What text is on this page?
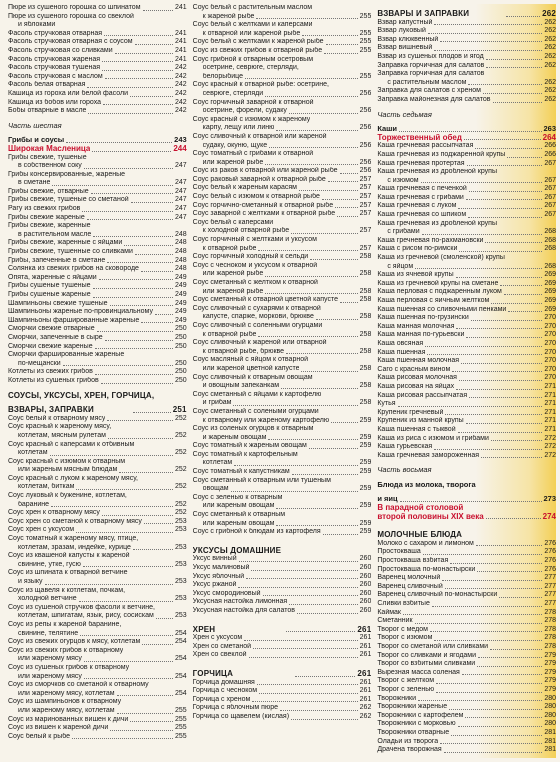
Пюре из сушеного горошка со шпинатом	241
Пюре из сушеного горошка со свеклой
и яблоками
Фасоль стручковая отварная	241
Фасоль стручковая отварная с соусом	241
Фасоль стручковая со сливками	241
Фасоль стручковая жареная	241
Фасоль стручковая тушеная	242
Фасоль стручковая с маслом	242
Фасоль белая отварная	242
Кашица из гороха или белой фасоли	242
Кашица из бобов или гороха	242
Бобы отварные в масле	242
Часть шестая
Грибы и соусы	243
Широкая Масленица	244
Грибы свежие, тушеные
в собственном соку	247
Грибы консервированные, жареные
в сметане	247
Грибы свежие, отварные	247
Грибы свежие, тушеные со сметаной	247
Рагу из свежих грибов	247
Грибы свежие жареные	247
Грибы свежие, жаренные
в растительном масле	248
Грибы свежие, жаренные с яйцами	248
Грибы свежие, тушенные со сливками	248
Грибы, запеченные в сметане	248
Солянка из свежих грибов на сковороде	248
Опята, жаренные с яйцами	249
Грибы сушеные тушеные	249
Грибы сушеные жареные	249
Шампиньоны свежие тушеные	249
Шампиньоны жареные по-провинциальному	249
Шампиньоны фаршированные жареные	249
Сморчки свежие отварные	250
Сморчки, запеченные в сыре	250
Сморчки свежие жареные	250
Сморчки фаршированные жареные
по-мещански	250
Котлеты из свежих грибов	250
Котлеты из сушеных грибов	250
СОУСЫ, УКСУСЫ, ХРЕН, ГОРЧИЦА,
ВЗВАРЫ, ЗАПРАВКИ	251
Соус белый к отварному мясу	252
Соус красный к жареному мясу,
котлетам, мясным рулетам	252
Соус красный с каперсами к отбивным
котлетам	252
Соус красный с изюмом к отварным
или жареным мясным блюдам	252
Соус красный с луком к жареному мясу,
котлетам, биткам	252
Соус луковый к буженине, котлетам,
баранине	252
Соус хрен к отварному мясу	252
Соус хрен со сметаной к отварному мясу	253
Соус хрен с уксусом	253
Соус томатный к жареному мясу, птице,
котлетам, зразам, индейке, курице	253
Соус из квашеной капусты к жареной
свинине, утке, гусю	253
Соус из шпината к отварной ветчине
и языку	253
Соус из щавеля к котлетам, почкам,
холодной ветчине	253
Соус из сушеной стручков фасоли к ветчине,
котлетам, шпигатам, язык, рису, сосискам	253
Соус из репы к жареной баранине,
свинине, телятине	254
Соус из свежих огурцов к мясу, котлетам	254
Соус из свежих грибов к отварному
или жареному мясу	254
Соус из сушеных грибов к отварному
или жареному мясу	254
Соус из сморчков со сметаной к отварному
или жареному мясу, котлетам	254
Соус из шампиньонов к отварному
или жареному мясу, котлетам	255
Соус из маринованных вишен к дичи	255
Соус из вишен к жареной дичи	255
Соус белый к рыбе	255
Соус белый с растительным маслом
к жареной рыбе	255
Соус белый с желтками и каперсами
к отварной или жареной рыбе	255
Соус белый с желтками к жареной рыбе	255
Соус из свежих грибов к отварной рыбе	255
Соус грибной к отварным осетровым
осетрине, севрюге, стерляди,
белорыбице	255
Соус красный к отварной рыбе: осетрине,
севрюге, стерляди	256
Соус горчичный заварной к отварной
осетрине, форели, судаку	256
Соус красный с изюмом к жареному
карпу, лещу или линю	256
Соус сливочный к отварной или жареной
судаку, окуню, щуке	256
Соус томатный с грибами к отварной
или жареной рыбе	256
Соус из раков к отварной или жареной рыбе	256
Соус раковый заварной к отварной рыбе	257
Соус белый к жареным карасям	257
Соус белый с изюмом к отварной рыбе	257
Соус горчично-сметанный к отварной рыбе	257
Соус заварной с желтками к отварной рыбе	257
Соус белый с каперсами
к холодной отварной рыбе	257
Соус горчичный с желтками и уксусом
к отварной рыбе	257
Соус горчичный холодный к сельди	258
Соус с чесноком и уксусом к отварной
или жареной рыбе	258
Соус сметанный с желтком к отварной
или жареной рыбе	258
Соус сметанный к отварной цветной капусте	258
Соус сливочный с сухарями к отварной
капусте, спарже, моркови, брюкве	258
Соус сливочный с соленными огурцами
к отварной рыбе	258
Соус сливочный к жареной или отварной
к отварной рыбе, брюкве	258
Соус масляный с яйцом к отварной
или жареной цветной капусте	258
Соус сливочный к отварным овощам
и овощным запеканкам	258
Соус сметанный с яйцами к картофелю
и грибам	258
Соус сметанный с солеными огурцами
к отварному или жареному картофелю	259
Соус из соленых огурцов к отварным
и жареным овощам	259
Соус томатный к жареным овощам	259
Соус томатный к картофельным
котлетам	259
Соус томатный к капустникам	259
Соус сметанный к отварным или тушеным
овощам	259
Соус с зеленью к отварным
или жареным овощам	259
Соус сметанный к отварным
или жареным овощам	259
Соус с грибной к блюдам из картофеля	259
УКСУСЫ ДОМАШНИЕ
Уксус винный	260
Уксус малиновый	260
Уксус яблочный	260
Уксус ржаной	260
Уксус смородиновый	260
Уксусная настойка лимонная	260
Уксусная настойка для салатов	260
ХРЕН	261
Хрен с уксусом	261
Хрен со сметаной	261
Хрен со свеклой	261
ГОРЧИЦА	261
Горчица домашняя	261
Горчица с чесноком	261
Горчица с хреном	261
Горчица с яблочным пюре	262
Горчица со щавелем (кислая)	262
ВЗВАРЫ И ЗАПРАВКИ	262
Взвар капустный	262
Взвар луковый	262
Взвар клюквенный	262
Взвар вишневый	262
Взвар из сушеных плодов и ягод	262
Заправка горчичная для салатов	262
Заправка горчичная для салатов
с растительным маслом	262
Заправка для салатов с хреном	262
Заправка майонезная для салатов	262
Часть седьмая
Каши	263
Торжественный обед	264
Каша гречневая рассыпчатая	266
Каша гречневая из поджаренной крупы	266
Каша гречневая протертая	267
Каша гречневая из дробленой крупы
с изюмом	267
Каша гречневая с печенкой	267
Каша гречневая с грибами	267
Каша гречневая с луком	267
Каша гречневая со шпиком	267
Каша гречневая из дробленой крупы
с грибами	268
Каша гречневая по-рахмановски	268
Каша с рисом по-римски	268
Каша из гречневой (смоленской) крупы
с яйцом	268
Каша из ячневой крупы	269
Каша из гречневой крупы на сметане	269
Каша перловая с поджаренным луком	269
Каша перловая с яичным желтком	269
Каша пшенная со сливочными пенками	269
Каша пшенная по-грузински	270
Каша манная молочная	270
Каша манная по-гурьевски	270
Каша овсяная	270
Каша пшенная	270
Каша пшенная молочная	270
Саго с красным вином	270
Каша рисовая молочная	270
Каша рисовая на яйцах	271
Каша рисовая рассыпчатая	271
Кутья	271
Крупеник гречневый	271
Крупеник из манной крупы	271
Каша пшенная с тыквой	271
Каша из риса с изюмом и грибами	272
Каша гурьевская	272
Каша гречневая замороженная	272
Часть восьмая
Блюда из молока, творога
и яиц	273
В парадной столовой
второй половины XIX века	274
МОЛОЧНЫЕ БЛЮДА
Молоко с сахаром и лимоном	276
Простокваша	276
Простокваша взбитая	276
Простокваша по-монастырски	276
Варенец молочный	277
Варенец сливочный	277
Варенец сливочный по-монастырски	277
Сливки взбитые	277
Каймак	278
Сметанник	278
Творог с медом	278
Творог с изюмом	278
Творог со сметаной или сливками	278
Творог со сливками и ягодами	279
Творог со взбитыми сливками	279
Вырезная масса соленая	279
Творог с желтком	279
Творог с зеленью	279
Творожники	280
Творожники жареные	280
Творожники с картофелем	280
Творожники с морковью	280
Творожники отварные	281
Оладьи из творога	281
Драчена творожная	281
